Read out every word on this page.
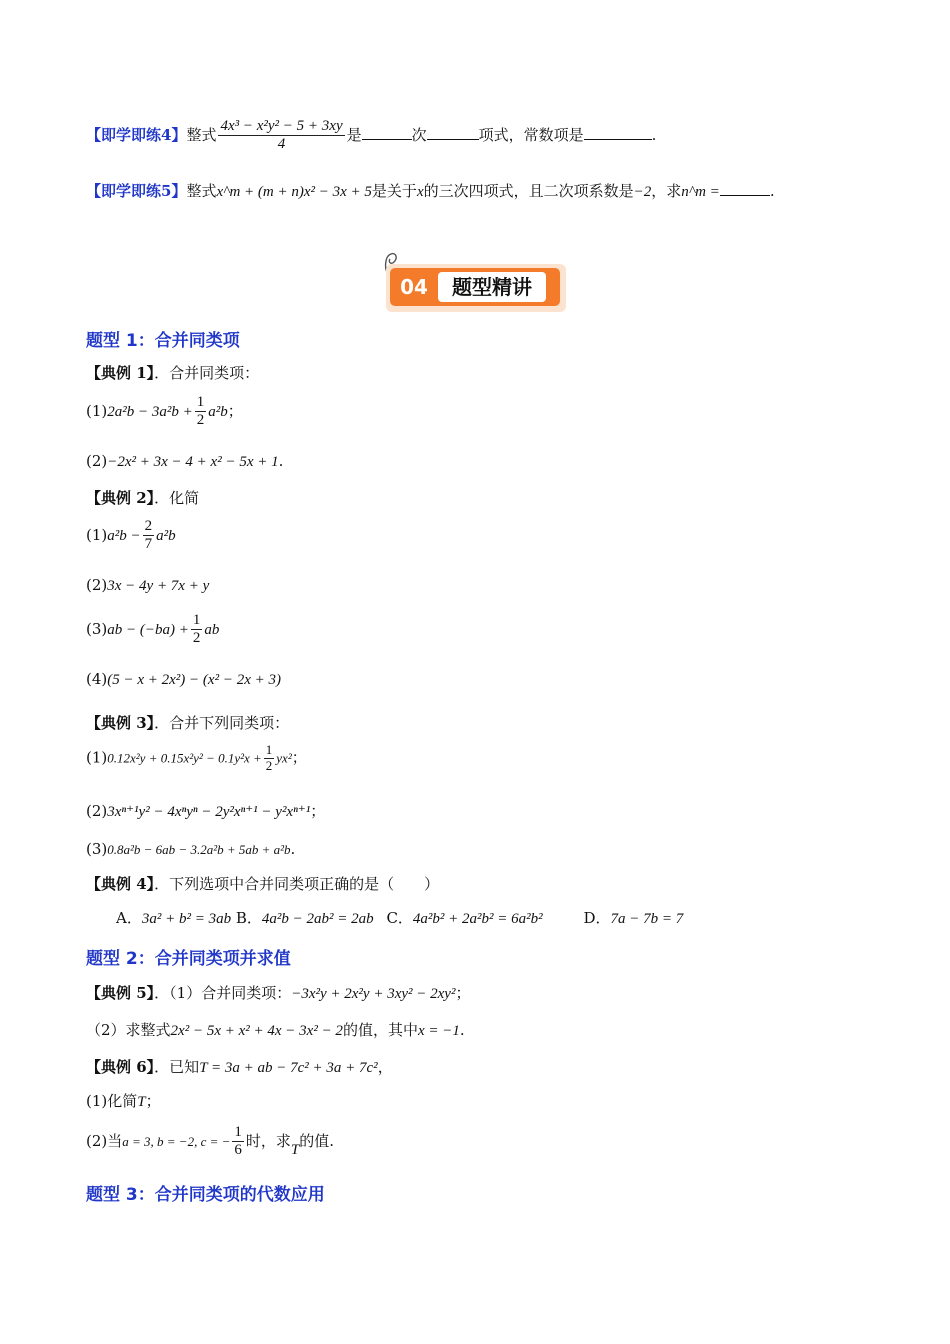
【即学即练4】整式 $\frac{\text{4x³ − x²y² − 5 + 3xy}}{4}$ 是	次	项式，常数项是	.
【即学即练5】整式x^m + (m + n)x² − 3x + 5是关于x的三次四项式，且二次项系数是−2，求n^m =	.
04	题型精讲
题型 1：合并同类项
【典例 1】．合并同类项：
$(1)2a^2b - 3a^2b + \frac{1}{2} a^2b$；
(2)−2x² + 3x − 4 + x² − 5x + 1.
【典例 2】．化简
$(1)a^2b - \frac{2}{7} a^2b$
(2)3x − 4y + 7x + y
$(3)ab - (-ba) + \frac{1}{2}$ ab
(4)(5 − x + 2x²) − (x² − 2x + 3)
【典例 3】．合并下列同类项：
$(1)0.12x^2y + 0.15x^2y^2 - 0.1y^2x + \frac{1}{2} yx^2$；
(2)3xⁿ⁺¹y² − 4xⁿyⁿ − 2y²xⁿ⁺¹ − y²xⁿ⁺¹；
(3)0.8a²b − 6ab − 3.2a²b + 5ab + a²b.
【典例 4】．下列选项中合并同类项正确的是（　　）
A．3a² + b² = 3ab B．4a²b − 2ab² = 2ab C．4a²b² + 2a²b² = 6a²b²	D．7a − 7b = 7
题型 2：合并同类项并求值
【典例 5】．（1）合并同类项：−3x²y + 2x²y + 3xy² − 2xy²；
（2）求整式2x² − 5x + x² + 4x − 3x² − 2的值，其中x = −1.
【典例 6】．已知T = 3a + ab − 7c² + 3a + 7c²，
(1)化简T；
(2)当a = 3, b = −2, c = − $\frac{1}{6}$ 时，求T的值.
题型 3：合并同类项的代数应用
